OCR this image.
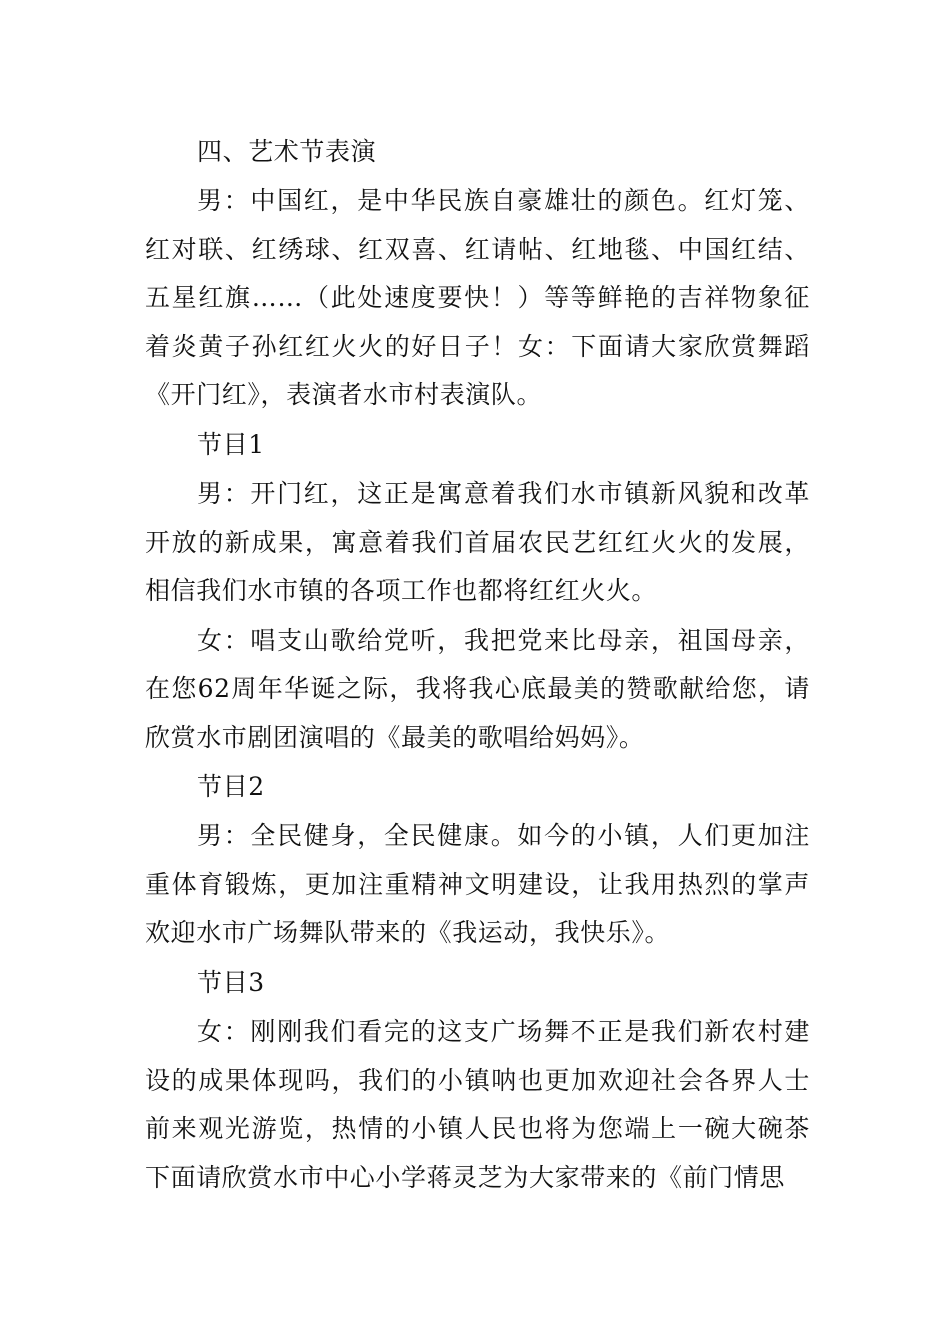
四、艺术节表演

男：中国红，是中华民族自豪雄壮的颜色。红灯笼、红对联、红绣球、红双喜、红请帖、红地毯、中国红结、五星红旗……（此处速度要快！）等等鲜艳的吉祥物象征着炎黄子孙红红火火的好日子！女：下面请大家欣赏舞蹈《开门红》，表演者水市村表演队。

节目1

男：开门红，这正是寓意着我们水市镇新风貌和改革开放的新成果，寓意着我们首届农民艺红红火火的发展，相信我们水市镇的各项工作也都将红红火火。

女：唱支山歌给党听，我把党来比母亲，祖国母亲，在您62周年华诞之际，我将我心底最美的赞歌献给您，请欣赏水市剧团演唱的《最美的歌唱给妈妈》。

节目2

男：全民健身，全民健康。如今的小镇，人们更加注重体育锻炼，更加注重精神文明建设，让我用热烈的掌声欢迎水市广场舞队带来的《我运动，我快乐》。

节目3

女：刚刚我们看完的这支广场舞不正是我们新农村建设的成果体现吗，我们的小镇呐也更加欢迎社会各界人士前来观光游览，热情的小镇人民也将为您端上一碗大碗茶下面请欣赏水市中心小学蒋灵芝为大家带来的《前门情思
